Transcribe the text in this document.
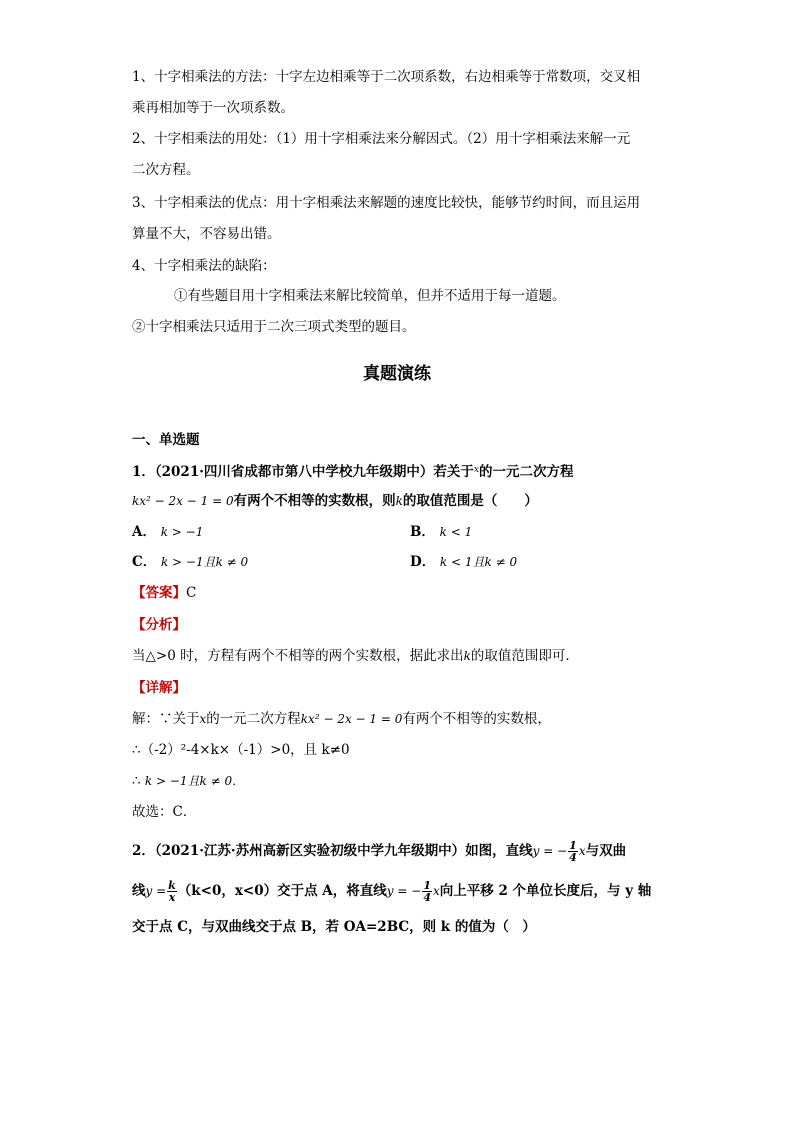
1、十字相乘法的方法：十字左边相乘等于二次项系数，右边相乘等于常数项，交叉相
乘再相加等于一次项系数。
2、十字相乘法的用处：（1）用十字相乘法来分解因式。（2）用十字相乘法来解一元
二次方程。
3、十字相乘法的优点：用十字相乘法来解题的速度比较快，能够节约时间，而且运用
算量不大，不容易出错。
4、十字相乘法的缺陷：
①有些题目用十字相乘法来解比较简单，但并不适用于每一道题。
②十字相乘法只适用于二次三项式类型的题目。
真题演练
一、单选题
1．（2021·四川省成都市第八中学校九年级期中）若关于$^x$的一元二次方程
kx² − 2x − 1 = 0有两个不相等的实数根，则k的取值范围是（　　）
A． k > −1	B． k < 1
C． k > −1且k ≠ 0	D． k < 1且k ≠ 0
【答案】C
【分析】
当△>0 时，方程有两个不相等的两个实数根，据此求出k的取值范围即可．
【详解】
解：∵关于x的一元二次方程kx² − 2x − 1 = 0有两个不相等的实数根，
∴（-2）²-4×k×（-1）>0，且 k≠0
∴ k > −1且k ≠ 0．
故选：C．
2．（2021·江苏·苏州高新区实验初级中学九年级期中）如图，直线y = − $\frac{1}{4}$ x与双曲
线$y = \frac{k}{x} (k<0$，x<0）交于点 A，将直线y = − $\frac{1}{4}$ x向上平移 2 个单位长度后，与 y 轴
交于点 C，与双曲线交于点 B，若 OA=2BC，则 k 的值为（　）
